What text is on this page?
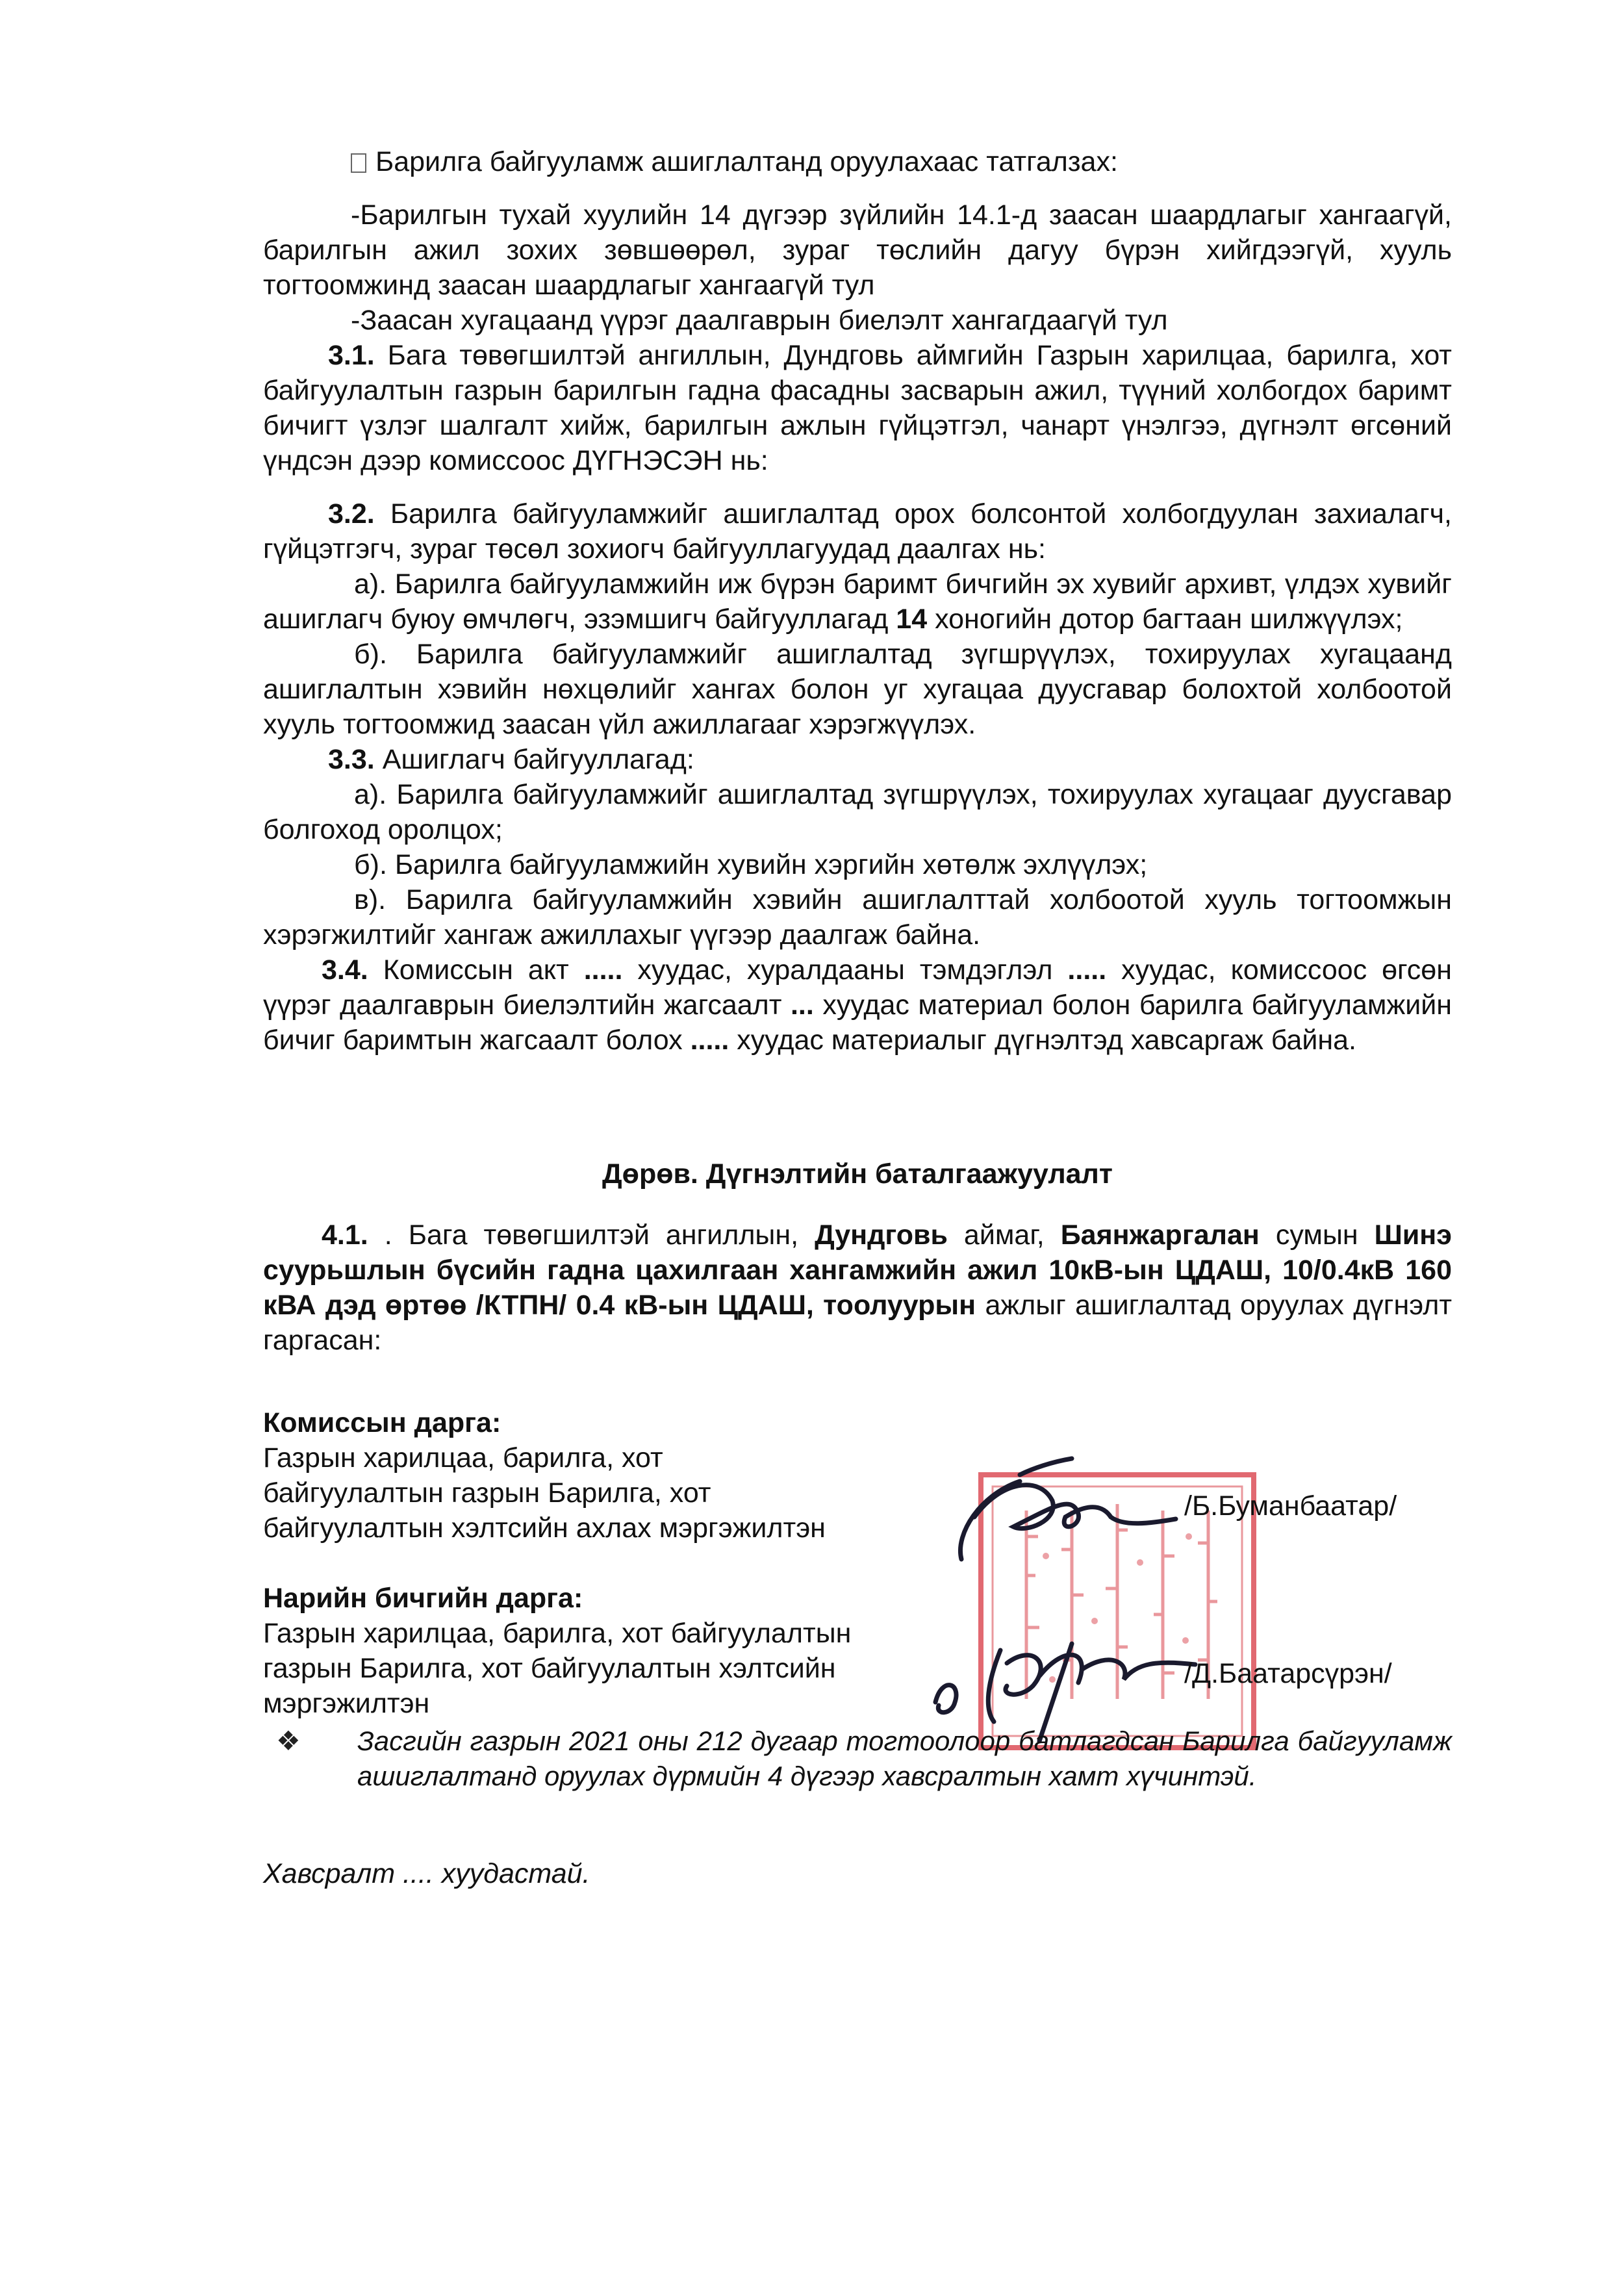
Барилга байгууламж ашиглалтанд оруулахаас татгалзах:

-Барилгын тухай хуулийн 14 дүгээр зүйлийн 14.1-д заасан шаардлагыг хангаагүй, барилгын ажил зохих зөвшөөрөл, зураг төслийн дагуу бүрэн хийгдээгүй, хууль тогтоомжинд заасан шаардлагыг хангаагүй тул

-Заасан хугацаанд үүрэг даалгаврын биелэлт хангагдаагүй тул

3.1. Бага төвөгшилтэй ангиллын, Дундговь аймгийн Газрын харилцаа, барилга, хот байгуулалтын газрын барилгын гадна фасадны засварын ажил, түүний холбогдох баримт бичигт үзлэг шалгалт хийж, барилгын ажлын гүйцэтгэл, чанарт үнэлгээ, дүгнэлт өгсөний үндсэн дээр комиссоос ДҮГНЭСЭН нь:

3.2. Барилга байгууламжийг ашиглалтад орох болсонтой холбогдуулан захиалагч, гүйцэтгэгч, зураг төсөл зохиогч байгууллагуудад даалгах нь:

а). Барилга байгууламжийн иж бүрэн баримт бичгийн эх хувийг архивт, үлдэх хувийг ашиглагч буюу өмчлөгч, эзэмшигч байгууллагад 14 хоногийн дотор багтаан шилжүүлэх;

б). Барилга байгууламжийг ашиглалтад зүгшрүүлэх, тохируулах хугацаанд ашиглалтын хэвийн нөхцөлийг хангах болон уг хугацаа дуусгавар болохтой холбоотой хууль тогтоомжид заасан үйл ажиллагааг хэрэгжүүлэх.

3.3. Ашиглагч байгууллагад:

а). Барилга байгууламжийг ашиглалтад зүгшрүүлэх, тохируулах хугацааг дуусгавар болгоход оролцох;

б). Барилга байгууламжийн хувийн хэргийн хөтөлж эхлүүлэх;

в). Барилга байгууламжийн хэвийн ашиглалттай холбоотой хууль тогтоомжын хэрэгжилтийг хангаж ажиллахыг үүгээр даалгаж байна.

3.4. Комиссын акт ..... хуудас, хуралдааны тэмдэглэл ..... хуудас, комиссоос өгсөн үүрэг даалгаврын биелэлтийн жагсаалт ... хуудас материал болон барилга байгууламжийн бичиг баримтын жагсаалт болох ..... хуудас материалыг дүгнэлтэд хавсаргаж байна.

Дөрөв. Дүгнэлтийн баталгаажуулалт

4.1. . Бага төвөгшилтэй ангиллын, Дундговь аймаг, Баянжаргалан сумын Шинэ суурьшлын бүсийн гадна цахилгаан хангамжийн ажил 10кВ-ын ЦДАШ, 10/0.4кВ 160 кВА дэд өртөө /КТПН/ 0.4 кВ-ын ЦДАШ, тоолуурын ажлыг ашиглалтад оруулах дүгнэлт гаргасан:

Комиссын дарга:
Газрын харилцаа, барилга, хот
байгуулалтын газрын Барилга, хот
байгуулалтын хэлтсийн ахлах мэргэжилтэн
Нарийн бичгийн дарга:
Газрын харилцаа, барилга, хот байгуулалтын
газрын Барилга, хот байгуулалтын хэлтсийн
мэргэжилтэн
/Б.Буманбаатар/
/Д.Баатарсүрэн/
❖ Засгийн газрын 2021 оны 212 дугаар тогтоолоор батлагдсан Барилга байгууламж ашиглалтанд оруулах дүрмийн 4 дүгээр хавсралтын хамт хүчинтэй.
Хавсралт .... хуудастай.
